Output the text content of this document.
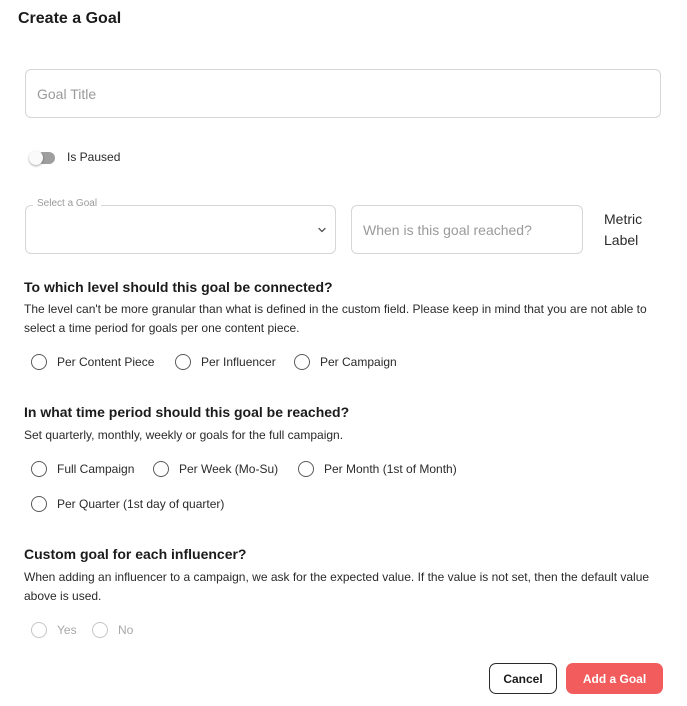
Create a Goal
Goal Title
Is Paused
Select a Goal
When is this goal reached?
Metric Label
To which level should this goal be connected?
The level can't be more granular than what is defined in the custom field. Please keep in mind that you are not able to select a time period for goals per one content piece.
Per Content Piece	Per Influencer	Per Campaign
In what time period should this goal be reached?
Set quarterly, monthly, weekly or goals for the full campaign.
Full Campaign	Per Week (Mo-Su)	Per Month (1st of Month)
Per Quarter (1st day of quarter)
Custom goal for each influencer?
When adding an influencer to a campaign, we ask for the expected value. If the value is not set, then the default value above is used.
Yes	No
Cancel	Add a Goal
